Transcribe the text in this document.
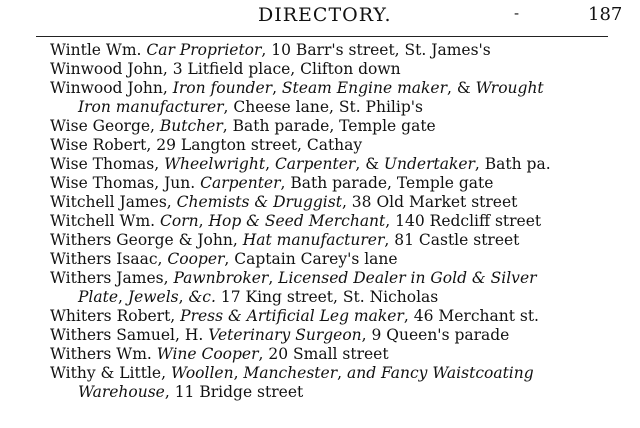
DIRECTORY.	-	187
Wintle Wm. Car Proprietor, 10 Barr's street, St. James's
Winwood John, 3 Litfield place, Clifton down
Winwood John, Iron founder, Steam Engine maker, & Wrought
Iron manufacturer, Cheese lane, St. Philip's
Wise George, Butcher, Bath parade, Temple gate
Wise Robert, 29 Langton street, Cathay
Wise Thomas, Wheelwright, Carpenter, & Undertaker, Bath pa.
Wise Thomas, Jun. Carpenter, Bath parade, Temple gate
Witchell James, Chemists & Druggist, 38 Old Market street
Witchell Wm. Corn, Hop & Seed Merchant, 140 Redcliff street
Withers George & John, Hat manufacturer, 81 Castle street
Withers Isaac, Cooper, Captain Carey's lane
Withers James, Pawnbroker, Licensed Dealer in Gold & Silver
Plate, Jewels, &c. 17 King street, St. Nicholas
Whiters Robert, Press & Artificial Leg maker, 46 Merchant st.
Withers Samuel, H. Veterinary Surgeon, 9 Queen's parade
Withers Wm. Wine Cooper, 20 Small street
Withy & Little, Woollen, Manchester, and Fancy Waistcoating
Warehouse, 11 Bridge street
